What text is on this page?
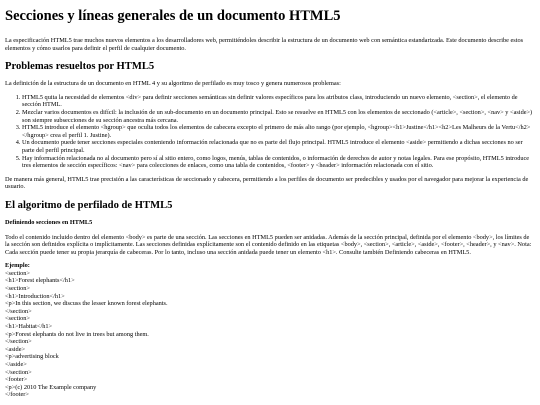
Secciones y líneas generales de un documento HTML5

La especificación HTML5 trae muchos nuevos elementos a los desarrolladores web, permitiéndoles describir la estructura de un documento web con semántica estandarizada. Este documento describe estos elementos y cómo usarlos para definir el perfil de cualquier documento.

Problemas resueltos por HTML5

La definición de la estructura de un documento en HTML 4 y su algoritmo de perfilado es muy tosco y genera numerosos problemas:

1. HTML5 quita la necesidad de elementos <div> para definir secciones semánticas sin definir valores específicos para los atributos class, introduciendo un nuevo elemento, <section>, el elemento de sección HTML.
2. Mezclar varios documentos es difícil: la inclusión de un sub-documento en un documento principal. Esto se resuelve en HTML5 con los elementos de seccionado (<article>, <section>, <nav> y <aside>) son siempre subsecciones de su sección ancestra más cercana.
3. HTML5 introduce el elemento <hgroup> que oculta todos los elementos de cabecera excepto el primero de más alto rango (por ejemplo, <hgroup><h1>Justine</h1><h2>Les Malheurs de la Vertu</h2></hgroup> crea el perfil 1. Justine).
4. Un documento puede tener secciones especiales conteniendo información relacionada que no es parte del flujo principal. HTML5 introduce el elemento <aside> permitiendo a dichas secciones no ser parte del perfil principal.
5. Hay información relacionada no al documento pero sí al sitio entero, como logos, menús, tablas de contenidos, o información de derechos de autor y notas legales. Para ese propósito, HTML5 introduce tres elementos de sección específicos: <nav> para colecciones de enlaces, como una tabla de contenidos, <footer> y <header> información relacionada con el sitio.

De manera más general, HTML5 trae precisión a las características de seccionado y cabecera, permitiendo a los perfiles de documento ser predecibles y usados por el navegador para mejorar la experiencia de usuario.

El algoritmo de perfilado de HTML5
Definiendo secciones en HTML5

Todo el contenido incluido dentro del elemento <body> es parte de una sección. Las secciones en HTML5 pueden ser anidadas. Además de la sección principal, definida por el elemento <body>, los límites de la sección son definidos explícita o implícitamente. Las secciones definidas explícitamente son el contenido definido en las etiquetas <body>, <section>, <article>, <aside>, <footer>, <header>, y <nav>. Nota: Cada sección puede tener su propia jerarquía de cabeceras. Por lo tanto, incluso una sección anidada puede tener un elemento <h1>. Consulte también Definiendo cabeceras en HTML5.

Ejemplo:

<section>

<h1>Forest elephants</h1>

<section>

<h1>Introduction</h1>

<p>In this section, we discuss the lesser known forest elephants.

</section>

<section>

<h1>Habitat</h1>

<p>Forest elephants do not live in trees but among them.

</section>

<aside>

<p>advertising block

</aside>

</section>

<footer>

<p>(c) 2010 The Example company

</footer>
